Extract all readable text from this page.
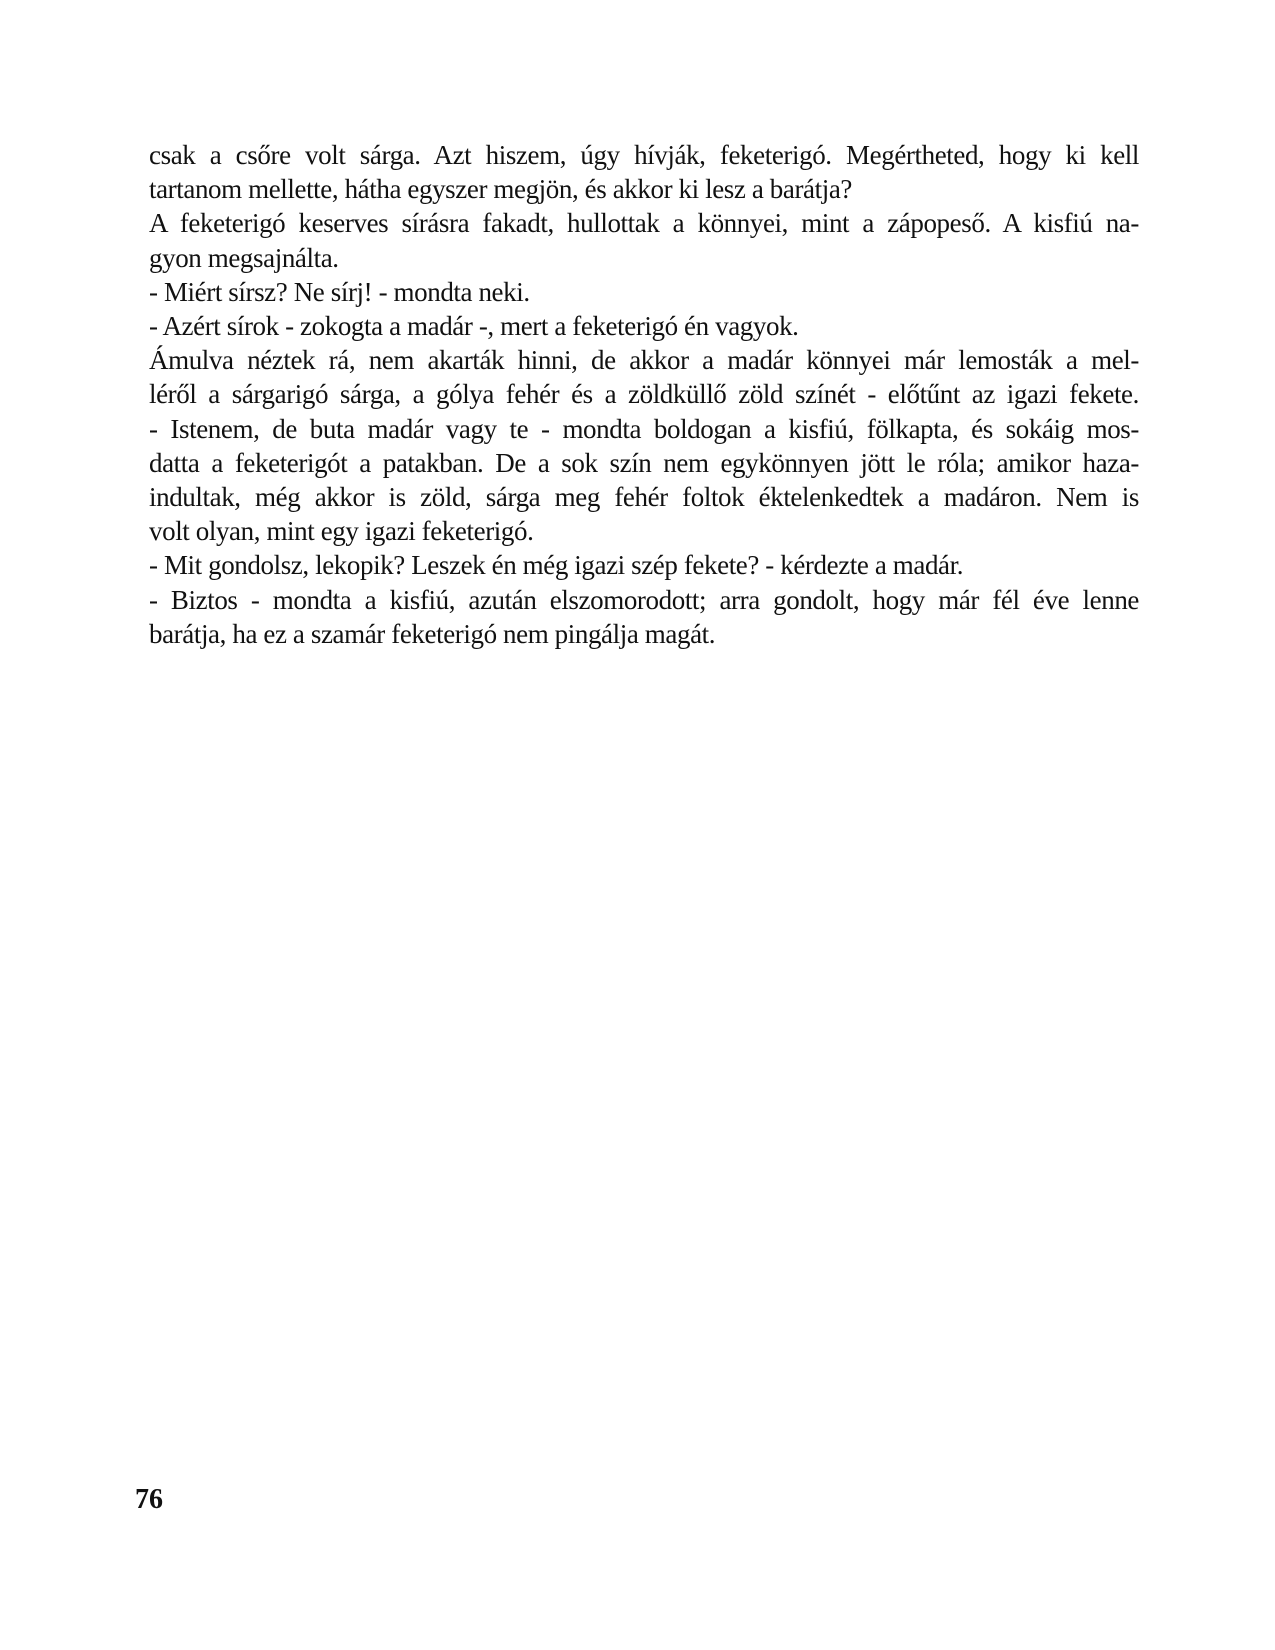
csak a csőre volt sárga. Azt hiszem, úgy hívják, feketerigó. Megértheted, hogy ki kell
tartanom mellette, hátha egyszer megjön, és akkor ki lesz a barátja?
A feketerigó keserves sírásra fakadt, hullottak a könnyei, mint a zápореső. A kisfiú na-
gyon megsajnálta.
- Miért sírsz? Ne sírj! - mondta neki.
- Azért sírok - zokogta a madár -, mert a feketerigó én vagyok.
Ámulva néztek rá, nem akarták hinni, de akkor a madár könnyei már lemosták a mel-
léről a sárgarigó sárga, a gólya fehér és a zöldküllő zöld színét - előtűnt az igazi fekete.
- Istenem, de buta madár vagy te - mondta boldogan a kisfiú, fölkapta, és sokáig mos-
datta a feketerigót a patakban. De a sok szín nem egykönnyen jött le róla; amikor haza-
indultak, még akkor is zöld, sárga meg fehér foltok éktelenkedtek a madáron. Nem is
volt olyan, mint egy igazi feketerigó.
- Mit gondolsz, lekopik? Leszek én még igazi szép fekete? - kérdezte a madár.
- Biztos - mondta a kisfiú, azután elszomorodott; arra gondolt, hogy már fél éve lenne
barátja, ha ez a szamár feketerigó nem pingálja magát.
76
